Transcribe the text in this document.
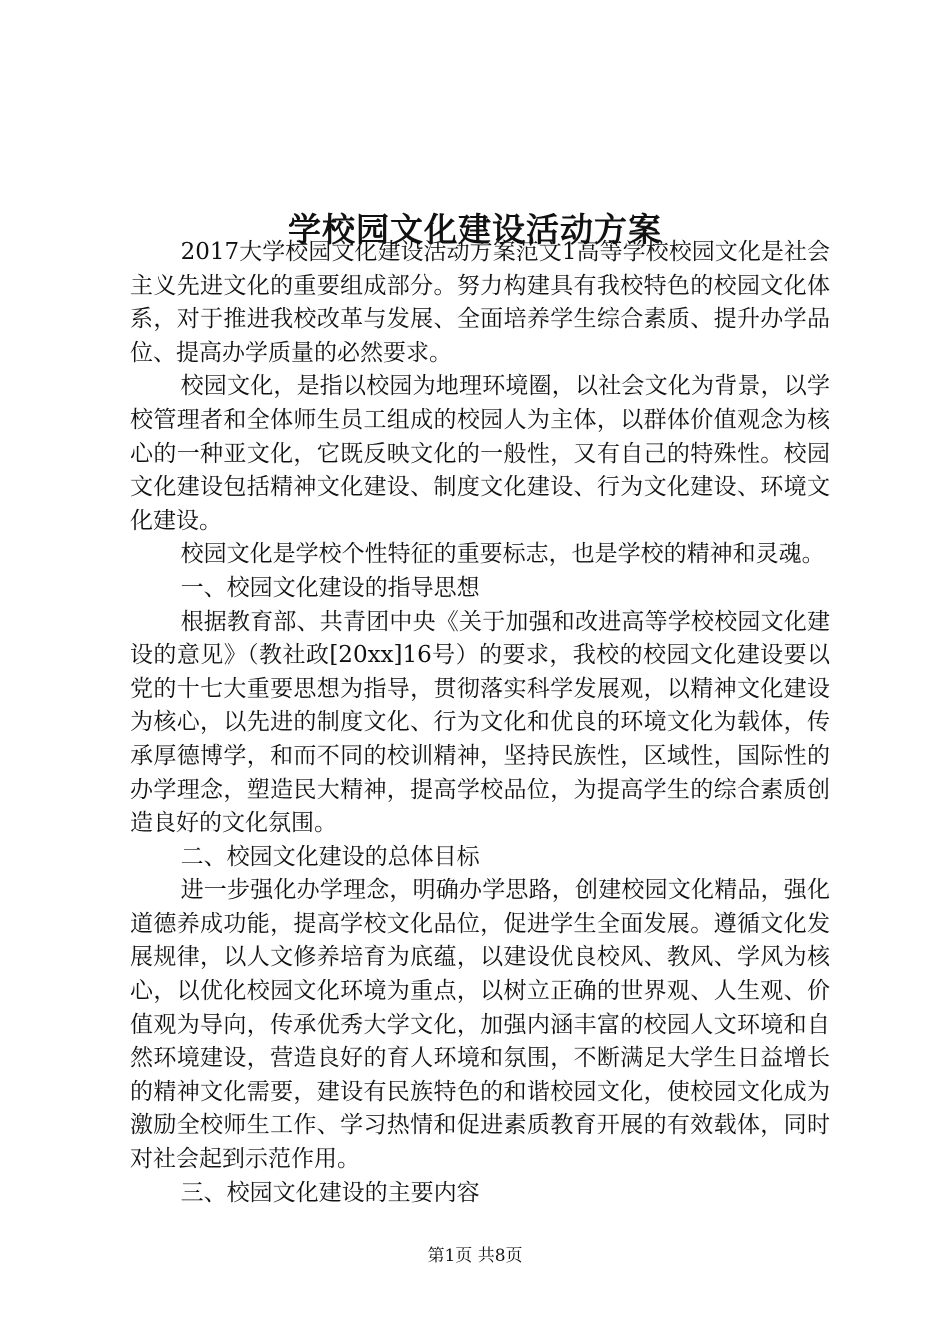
学校园文化建设活动方案

2017大学校园文化建设活动方案范文1高等学校校园文化是社会主义先进文化的重要组成部分。努力构建具有我校特色的校园文化体系，对于推进我校改革与发展、全面培养学生综合素质、提升办学品位、提高办学质量的必然要求。

校园文化，是指以校园为地理环境圈，以社会文化为背景，以学校管理者和全体师生员工组成的校园人为主体，以群体价值观念为核心的一种亚文化，它既反映文化的一般性，又有自己的特殊性。校园文化建设包括精神文化建设、制度文化建设、行为文化建设、环境文化建设。

校园文化是学校个性特征的重要标志，也是学校的精神和灵魂。

一、校园文化建设的指导思想

根据教育部、共青团中央《关于加强和改进高等学校校园文化建设的意见》（教社政[20xx]16号）的要求，我校的校园文化建设要以党的十七大重要思想为指导，贯彻落实科学发展观，以精神文化建设为核心，以先进的制度文化、行为文化和优良的环境文化为载体，传承厚德博学，和而不同的校训精神，坚持民族性，区域性，国际性的办学理念，塑造民大精神，提高学校品位，为提高学生的综合素质创造良好的文化氛围。

二、校园文化建设的总体目标

进一步强化办学理念，明确办学思路，创建校园文化精品，强化道德养成功能，提高学校文化品位，促进学生全面发展。遵循文化发展规律，以人文修养培育为底蕴，以建设优良校风、教风、学风为核心，以优化校园文化环境为重点，以树立正确的世界观、人生观、价值观为导向，传承优秀大学文化，加强内涵丰富的校园人文环境和自然环境建设，营造良好的育人环境和氛围，不断满足大学生日益增长的精神文化需要，建设有民族特色的和谐校园文化，使校园文化成为激励全校师生工作、学习热情和促进素质教育开展的有效载体，同时对社会起到示范作用。

三、校园文化建设的主要内容

第1页 共8页
